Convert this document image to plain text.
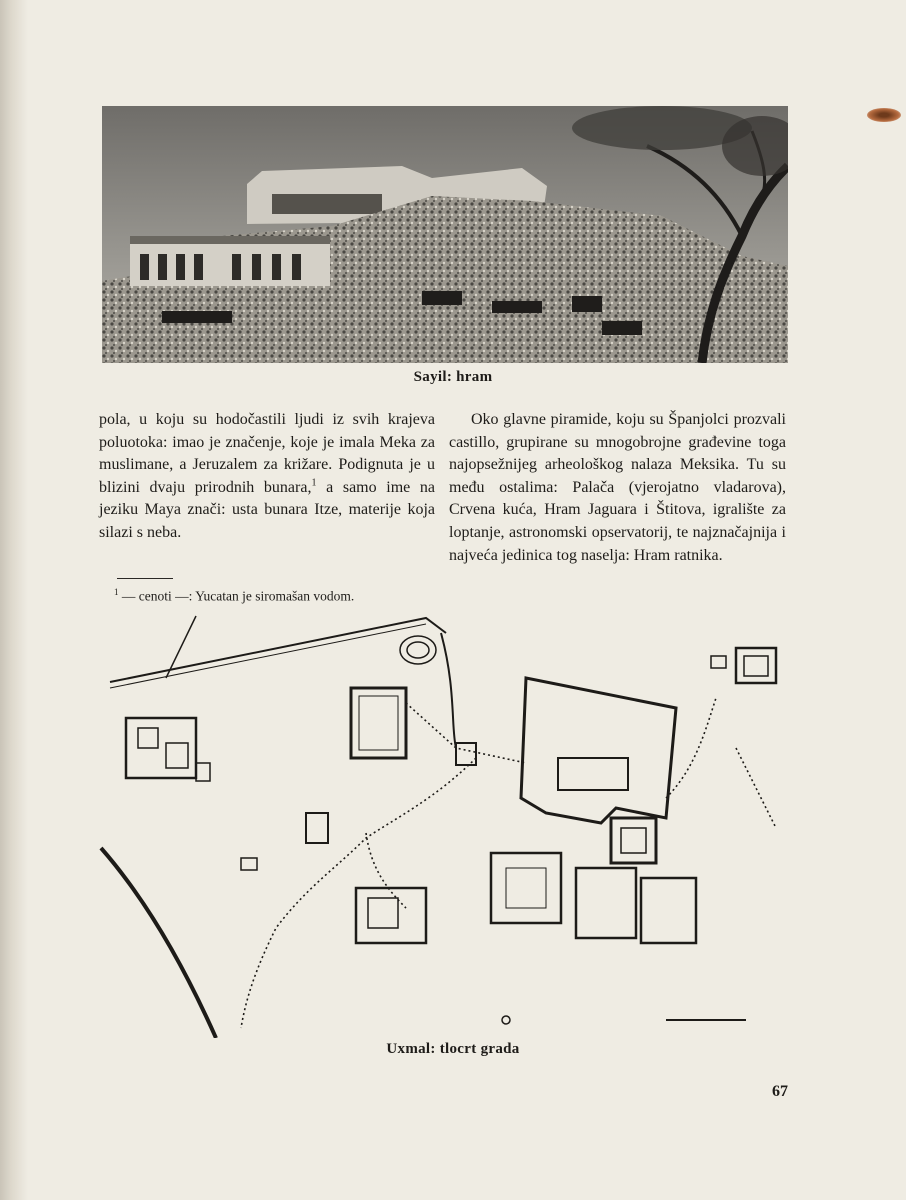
Sayil: hram

pola, u koju su hodočastili ljudi iz svih krajeva poluotoka: imao je značenje, koje je imala Meka za muslimane, a Jeruzalem za križare. Podignuta je u blizini dvaju prirodnih bunara,$^1$ a samo ime na jeziku Maya znači: usta bunara Itze, materije koja silazi s neba.

Oko glavne piramide, koju su Španjolci prozvali castillo, grupirane su mnogobrojne građevine toga najopsežnijeg arheološkog nalaza Meksika. Tu su među ostalima: Palača (vjerojatno vladarova), Crvena kuća, Hram Jaguara i Štitova, igralište za loptanje, astronomski opservatorij, te najznačajnija i najveća jedinica tog naselja: Hram ratnika.

$^1$ — cenoti —: Yucatan je siromašan vodom.
Uxmal: tlocrt grada
67
